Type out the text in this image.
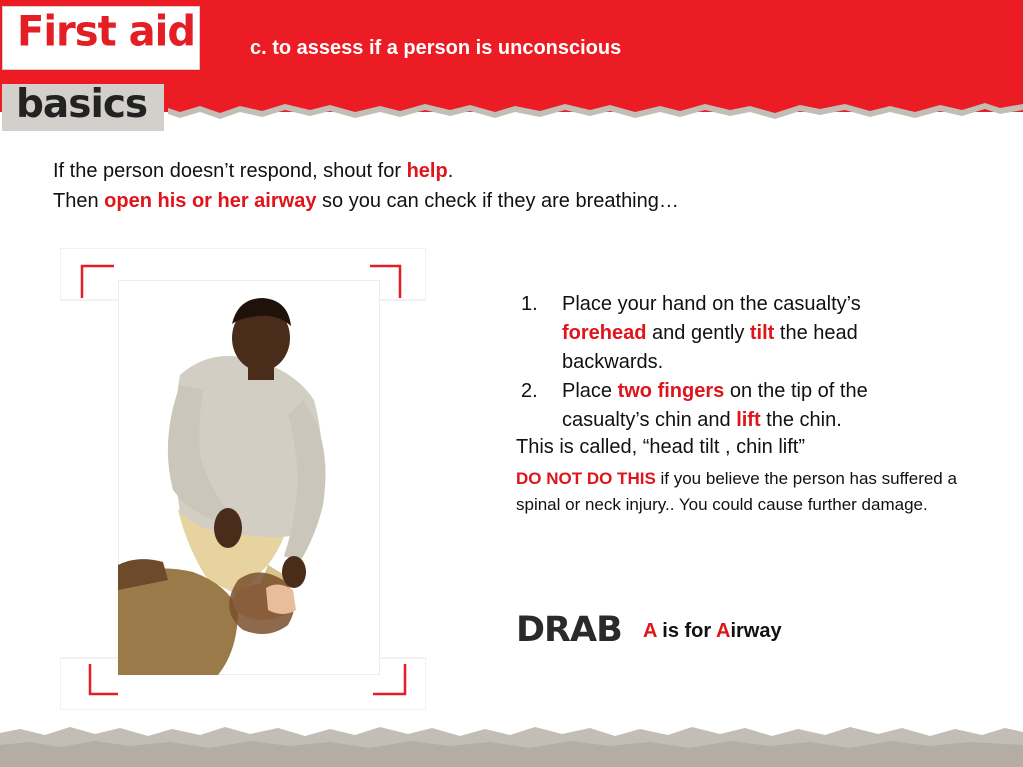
First aid
basics
c. to assess if a person is unconscious
If the person doesn’t respond, shout for help.
Then open his or her airway so you can check if they are breathing…
1.	Place your hand on the casualty’s
forehead and gently tilt the head
backwards.
2.	Place two fingers on the tip of the
casualty’s chin and lift the chin.
This is called, “head tilt , chin lift”
DO NOT DO THIS if you believe the person has suffered a spinal or neck injury.. You could cause further damage.
DRAB A is for Airway
